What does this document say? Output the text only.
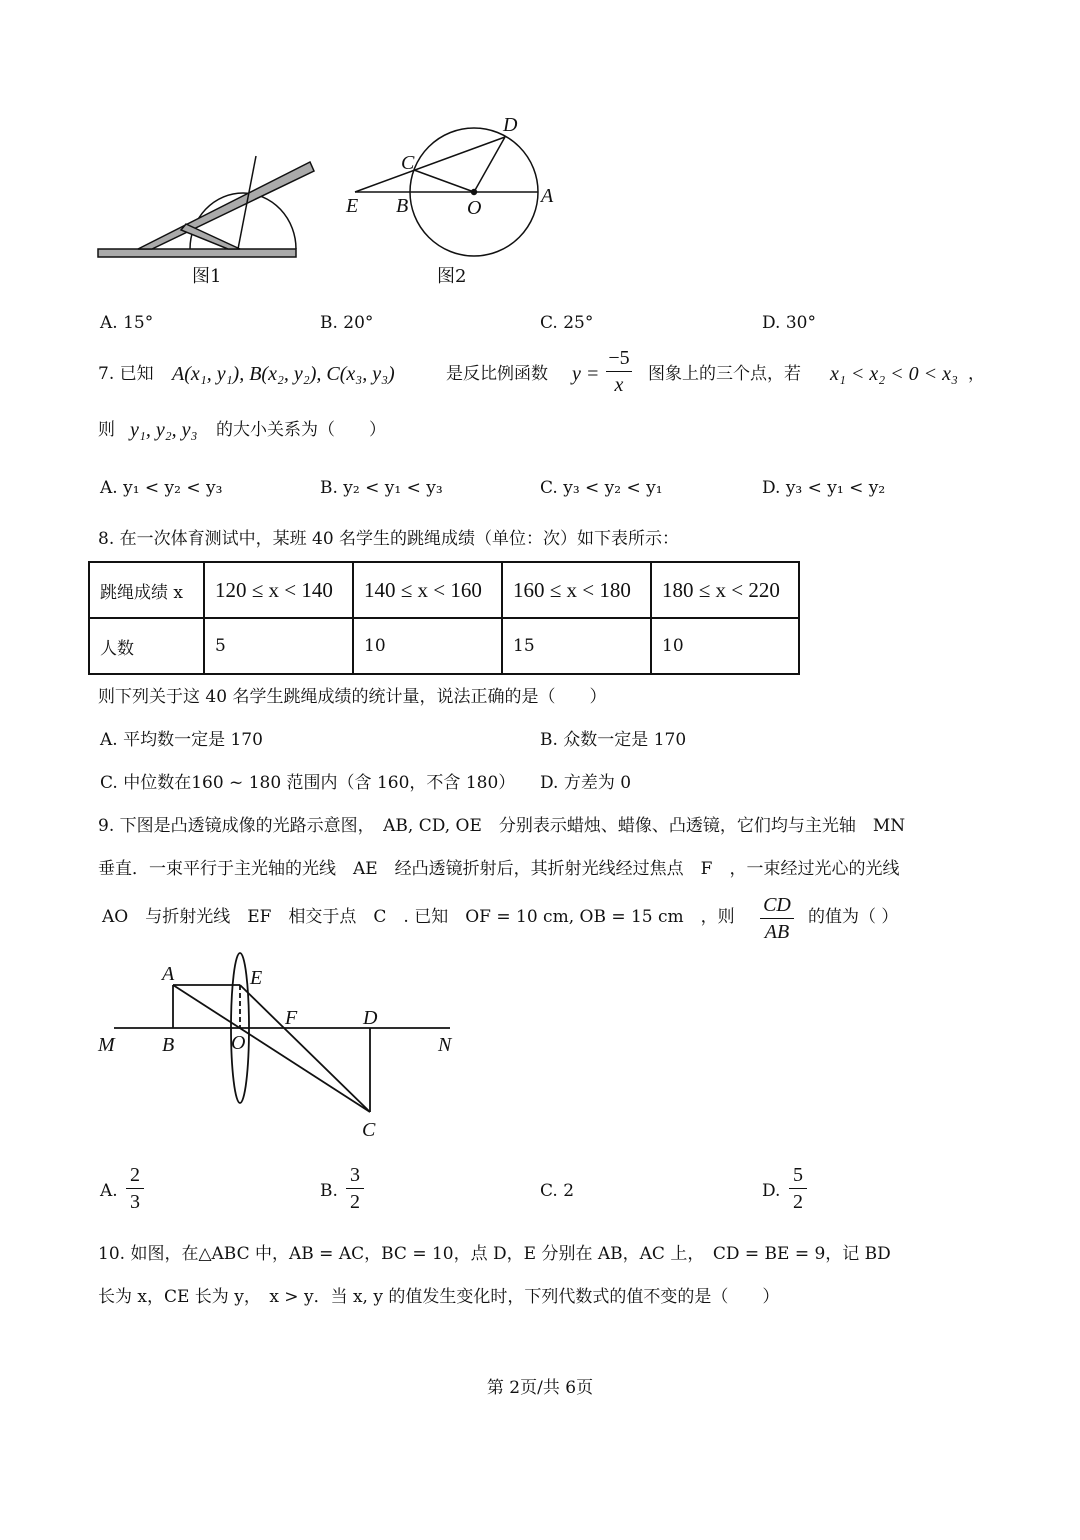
图1	图2
D
C
E B	O
A
A	E
F	D
M B	O	N
C
A. 15°	B. 20°	C. 25°	D. 30°
7. 已知 A(x₁, y₁), B(x₂, y₂), C(x₃, y₃)	是反比例函数 y =
−5
x	图象上的三个点，若 x₁ < x₂ < 0 < x₃ ，
则 y₁, y₂, y₃ 的大小关系为（　　）
A. y₁ < y₂ < y₃	B. y₂ < y₁ < y₃	C. y₃ < y₂ < y₁	D. y₃ < y₁ < y₂
8. 在一次体育测试中，某班 40 名学生的跳绳成绩（单位：次）如下表所示：
跳绳成绩 x	120 ≤ x < 140	140 ≤ x < 160	160 ≤ x < 180	180 ≤ x < 220
人数	5	10	15	10
则下列关于这 40 名学生跳绳成绩的统计量，说法正确的是（　　）
A. 平均数一定是 170	B. 众数一定是 170
C. 中位数在160 ~ 180 范围内（含 160，不含 180） D. 方差为 0
9. 下图是凸透镜成像的光路示意图，　AB, CD, OE　分别表示蜡烛、蜡像、凸透镜，它们均与主光轴　MN
垂直．一束平行于主光轴的光线　AE　经凸透镜折射后，其折射光线经过焦点　F　，一束经过光心的光线
AO　与折射光线　EF　相交于点　C　. 已知　OF = 10 cm, OB = 15 cm　，则
CD
AB
的值为（ ）
A.
2
3	B.
3
2	C. 2	D.
5
2
10. 如图，在△ABC 中，AB = AC，BC = 10，点 D，E 分别在 AB，AC 上，　CD = BE = 9，记 BD
长为 x，CE 长为 y，　x > y．当 x, y 的值发生变化时，下列代数式的值不变的是（　　）
第 2页/共 6页
